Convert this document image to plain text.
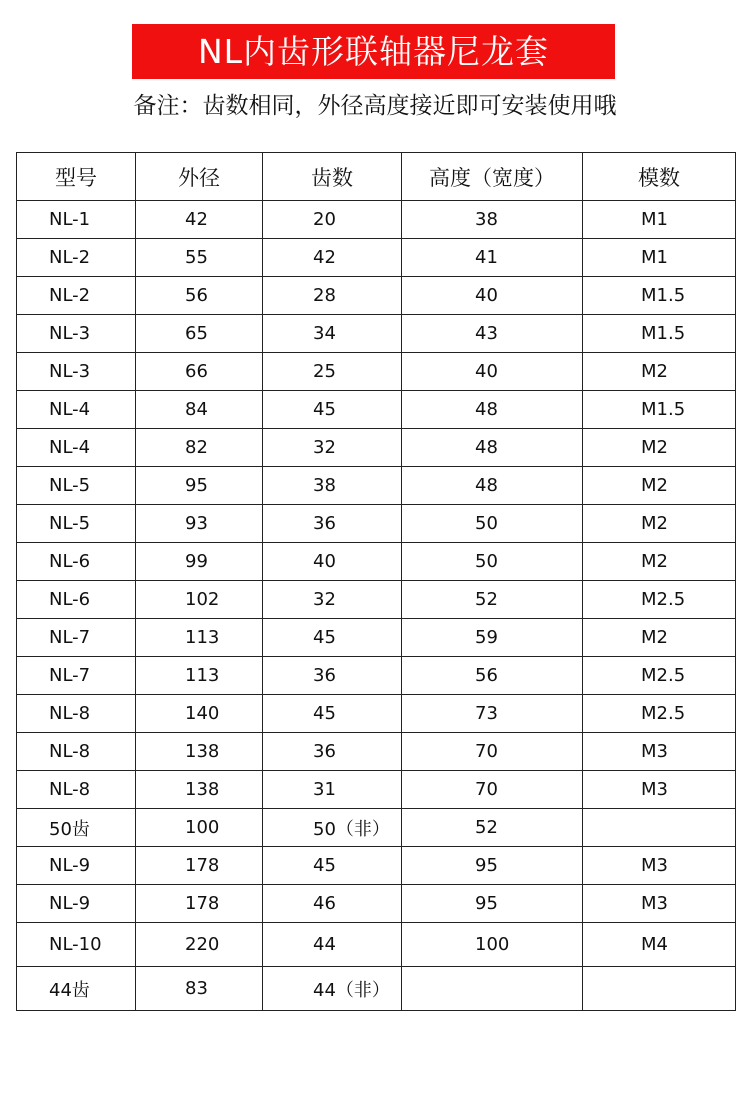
NL内齿形联轴器尼龙套
备注：齿数相同，外径高度接近即可安装使用哦
型号	外径	齿数	高度（宽度）	模数
NL-1	42	20	38	M1
NL-2	55	42	41	M1
NL-2	56	28	40	M1.5
NL-3	65	34	43	M1.5
NL-3	66	25	40	M2
NL-4	84	45	48	M1.5
NL-4	82	32	48	M2
NL-5	95	38	48	M2
NL-5	93	36	50	M2
NL-6	99	40	50	M2
NL-6	102	32	52	M2.5
NL-7	113	45	59	M2
NL-7	113	36	56	M2.5
NL-8	140	45	73	M2.5
NL-8	138	36	70	M3
NL-8	138	31	70	M3
50齿	100	50（非）	52	
NL-9	178	45	95	M3
NL-9	178	46	95	M3
NL-10	220	44	100	M4
44齿	83	44（非）		
